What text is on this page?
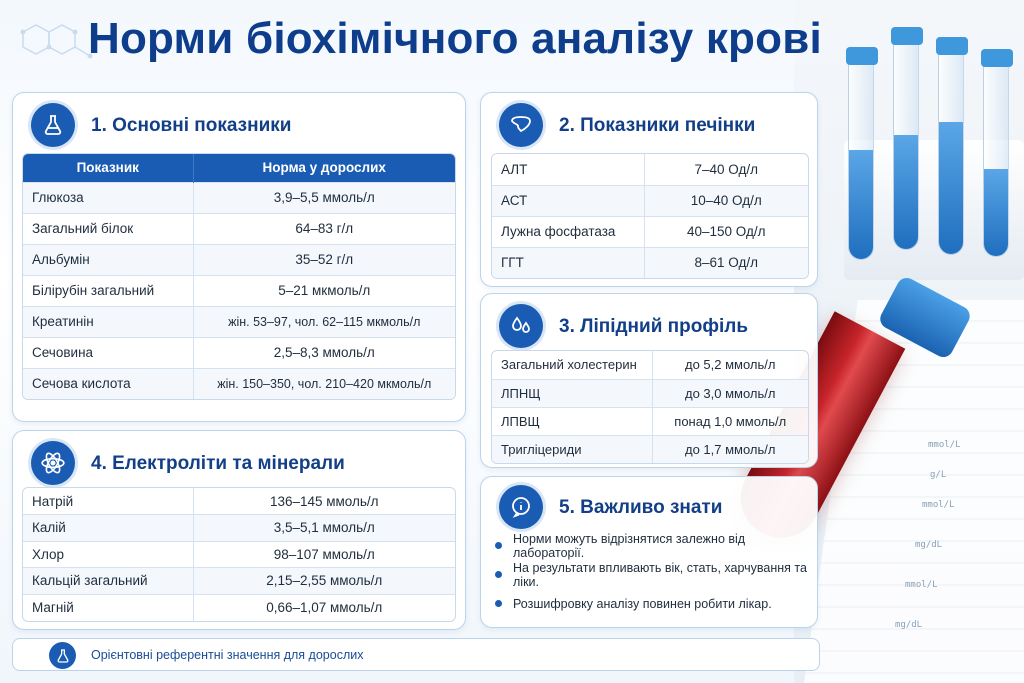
mmol/L
g/L
mmol/L
mg/dL
mmol/L
mg/dL
Норми біохімічного аналізу крові
1. Основні показники
Показник	Норма у дорослих
Глюкоза	3,9–5,5 ммоль/л
Загальний білок	64–83 г/л
Альбумін	35–52 г/л
Білірубін загальний	5–21 мкмоль/л
Креатинін	жін. 53–97, чол. 62–115 мкмоль/л
Сечовина	2,5–8,3 ммоль/л
Сечова кислота	жін. 150–350, чол. 210–420 мкмоль/л
2. Показники печінки
АЛТ	7–40 Од/л
АСТ	10–40 Од/л
Лужна фосфатаза	40–150 Од/л
ГГТ	8–61 Од/л
3. Ліпідний профіль
Загальний холестерин	до 5,2 ммоль/л
ЛПНЩ	до 3,0 ммоль/л
ЛПВЩ	понад 1,0 ммоль/л
Тригліцериди	до 1,7 ммоль/л
4. Електроліти та мінерали
Натрій	136–145 ммоль/л
Калій	3,5–5,1 ммоль/л
Хлор	98–107 ммоль/л
Кальцій загальний	2,15–2,55 ммоль/л
Магній	0,66–1,07 ммоль/л
5. Важливо знати
Норми можуть відрізнятися залежно від лабораторії.
На результати впливають вік, стать, харчування та ліки.
Розшифровку аналізу повинен робити лікар.
Орієнтовні референтні значення для дорослих
